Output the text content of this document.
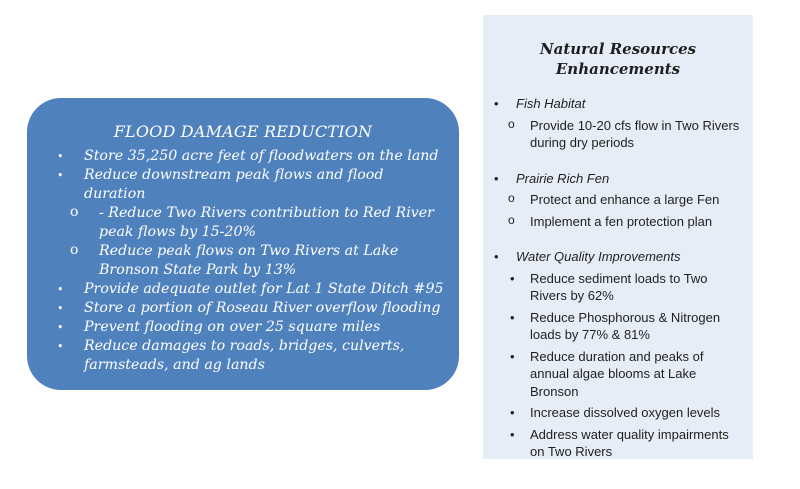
FLOOD DAMAGE REDUCTION
• Store 35,250 acre feet of floodwaters on the land
• Reduce downstream peak flows and flood duration
o - Reduce Two Rivers contribution to Red River peak flows by 15-20%
o Reduce peak flows on Two Rivers at Lake Bronson State Park by 13%
• Provide adequate outlet for Lat 1 State Ditch #95
• Store a portion of Roseau River overflow flooding
• Prevent flooding on over 25 square miles
• Reduce damages to roads, bridges, culverts, farmsteads, and ag lands
Natural Resources
Enhancements
• Fish Habitat
o Provide 10-20 cfs flow in Two Rivers during dry periods
• Prairie Rich Fen
o Protect and enhance a large Fen
o Implement a fen protection plan
• Water Quality Improvements
• Reduce sediment loads to Two Rivers by 62%
• Reduce Phosphorous & Nitrogen loads by 77% & 81%
• Reduce duration and peaks of annual algae blooms at Lake Bronson
• Increase dissolved oxygen levels
• Address water quality impairments on Two Rivers
